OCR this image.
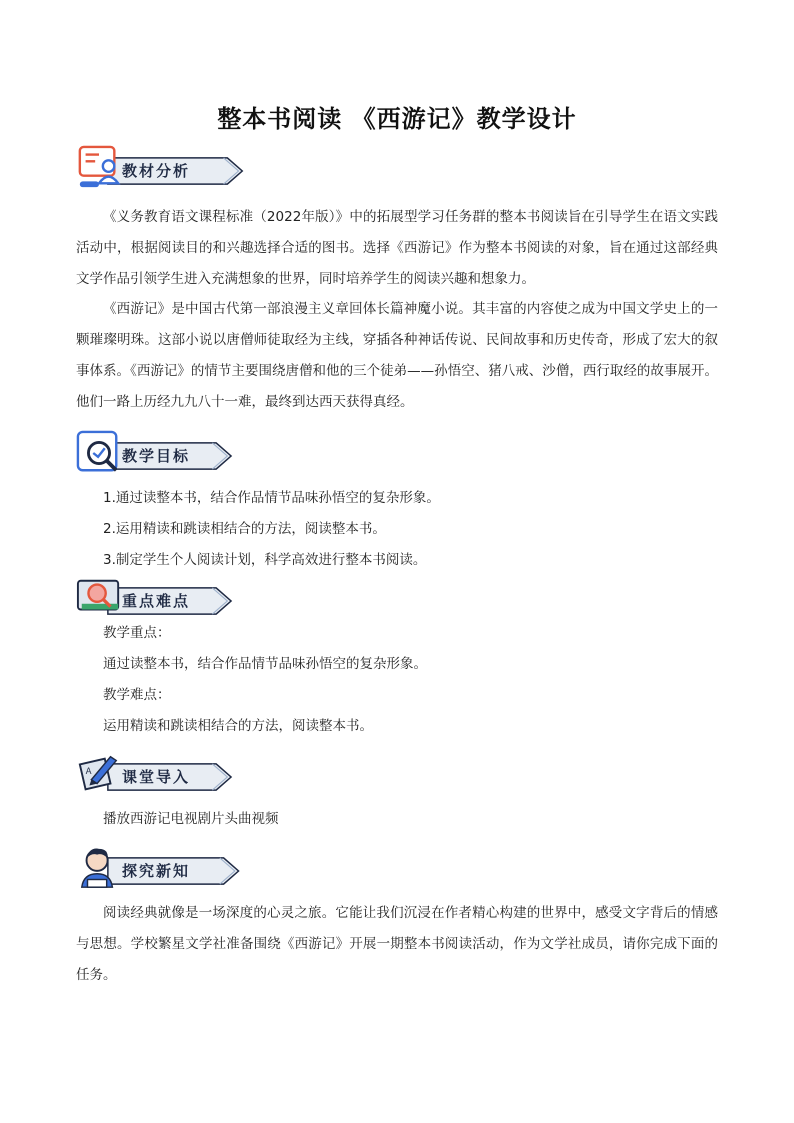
整本书阅读 《西游记》教学设计
教材分析
《义务教育语文课程标准（2022年版）》中的拓展型学习任务群的整本书阅读旨在引导学生在语文实践活动中，根据阅读目的和兴趣选择合适的图书。选择《西游记》作为整本书阅读的对象，旨在通过这部经典文学作品引领学生进入充满想象的世界，同时培养学生的阅读兴趣和想象力。
《西游记》是中国古代第一部浪漫主义章回体长篇神魔小说。其丰富的内容使之成为中国文学史上的一颗璀璨明珠。这部小说以唐僧师徒取经为主线，穿插各种神话传说、民间故事和历史传奇，形成了宏大的叙事体系。《西游记》的情节主要围绕唐僧和他的三个徒弟——孙悟空、猪八戒、沙僧，西行取经的故事展开。他们一路上历经九九八十一难，最终到达西天获得真经。
教学目标
1.通过读整本书，结合作品情节品味孙悟空的复杂形象。
2.运用精读和跳读相结合的方法，阅读整本书。
3.制定学生个人阅读计划，科学高效进行整本书阅读。
重点难点
教学重点：
通过读整本书，结合作品情节品味孙悟空的复杂形象。
教学难点：
运用精读和跳读相结合的方法，阅读整本书。
A 课堂导入
播放西游记电视剧片头曲视频
探究新知
阅读经典就像是一场深度的心灵之旅。它能让我们沉浸在作者精心构建的世界中，感受文字背后的情感与思想。学校繁星文学社准备围绕《西游记》开展一期整本书阅读活动，作为文学社成员，请你完成下面的任务。
